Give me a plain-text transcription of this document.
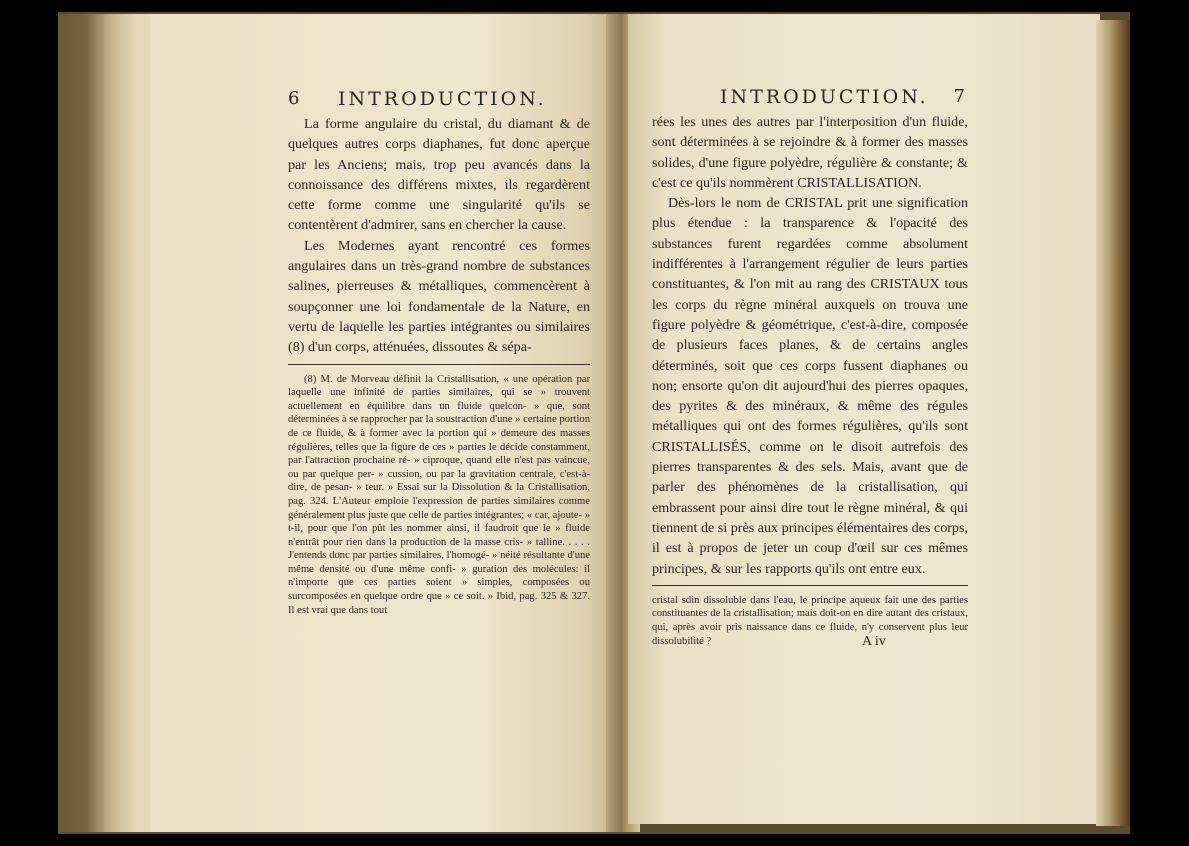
6 INTRODUCTION.

La forme angulaire du cristal, du diamant & de quelques autres corps diaphanes, fut donc aperçue par les Anciens; mais, trop peu avancés dans la connoissance des différens mixtes, ils regardèrent cette forme comme une singularité qu'ils se contentèrent d'admirer, sans en chercher la cause.

Les Modernes ayant rencontré ces formes angulaires dans un très-grand nombre de substances salines, pierreuses & métalliques, commencèrent à soupçonner une loi fondamentale de la Nature, en vertu de laquelle les parties intégrantes ou similaires (8) d'un corps, atténuées, dissoutes & sépa-

(8) M. de Morveau définit la Cristallisation, « une opération par laquelle une infinité de parties similaires, qui se » trouvent actuellement en équilibre dans un fluide quelcon- » que, sont déterminées à se rapprocher par la soustraction d'une » certaine portion de ce fluide, & à former avec la portion qui » demeure des masses régulières, telles que la figure de ces » parties le décide constamment, par l'attraction prochaine ré- » ciproque, quand elle n'est pas vaincue, ou par quelque per- » cussion, ou par la gravitation centrale, c'est-à-dire, de pesan- » teur. » Essai sur la Dissolution & la Cristallisation, pag. 324. L'Auteur emploie l'expression de parties similaires comme généralement plus juste que celle de parties intégrantes; « car, ajoute- » t-il, pour que l'on pût les nommer ainsi, il faudroit que le » fluide n'entrât pour rien dans la production de la masse cris- » talline. . . . . J'entends donc par parties similaires, l'homogé- » néité résultante d'une même densité ou d'une même confi- » guration des molécules: il n'importe que ces parties soient » simples, composées ou surcomposées en quelque ordre que » ce soit. » Ibid, pag. 325 & 327. Il est vrai que dans tout

INTRODUCTION. 7

rées les unes des autres par l'interposition d'un fluide, sont déterminées à se rejoindre & à former des masses solides, d'une figure polyèdre, régulière & constante; & c'est ce qu'ils nommèrent CRISTALLISATION.

Dès-lors le nom de CRISTAL prit une signification plus étendue : la transparence & l'opacité des substances furent regardées comme absolument indifférentes à l'arrangement régulier de leurs parties constituantes, & l'on mit au rang des CRISTAUX tous les corps du règne minéral auxquels on trouva une figure polyèdre & géométrique, c'est-à-dire, composée de plusieurs faces planes, & de certains angles déterminés, soit que ces corps fussent diaphanes ou non; ensorte qu'on dit aujourd'hui des pierres opaques, des pyrites & des minéraux, & même des régules métalliques qui ont des formes régulières, qu'ils sont CRISTALLISÉS, comme on le disoit autrefois des pierres transparentes & des sels. Mais, avant que de parler des phénomènes de la cristallisation, qui embrassent pour ainsi dire tout le règne minéral, & qui tiennent de si près aux principes élémentaires des corps, il est à propos de jeter un coup d'œil sur ces mêmes principes, & sur les rapports qu'ils ont entre eux.

cristal sdin dissoluble dans l'eau, le principe aqueux fait une des parties constituantes de la cristallisation; mais doit-on en dire autant des cristaux, qui, après avoir pris naissance dans ce fluide, n'y conservent plus leur dissolubilité ?	A iv
